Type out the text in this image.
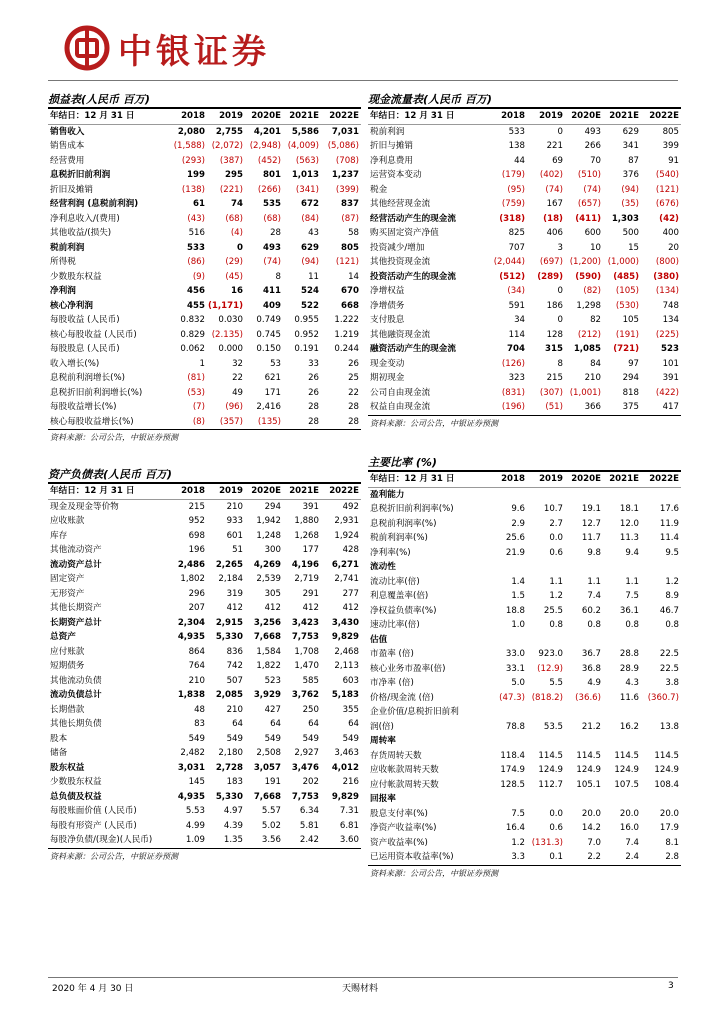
中银证券
损益表(人民币 百万)
年结日：12 月 31 日	2018	2019	2020E	2021E	2022E

销售收入	2,080	2,755	4,201	5,586	7,031
销售成本	(1,588)	(2,072)	(2,948)	(4,009)	(5,086)
经营费用	(293)	(387)	(452)	(563)	(708)
息税折旧前利润	199	295	801	1,013	1,237
折旧及摊销	(138)	(221)	(266)	(341)	(399)
经营利润 (息税前利润)	61	74	535	672	837
净利息收入/(费用)	(43)	(68)	(68)	(84)	(87)
其他收益/(损失)	516	(4)	28	43	58
税前利润	533	0	493	629	805
所得税	(86)	(29)	(74)	(94)	(121)
少数股东权益	(9)	(45)	8	11	14
净利润	456	16	411	524	670
核心净利润	455	(1,171)	409	522	668
每股收益 (人民币)	0.832	0.030	0.749	0.955	1.222
核心每股收益 (人民币)	0.829	(2.135)	0.745	0.952	1.219
每股股息 (人民币)	0.062	0.000	0.150	0.191	0.244
收入增长(%)	1	32	53	33	26
息税前利润增长(%)	(81)	22	621	26	25
息税折旧前利润增长(%)	(53)	49	171	26	22
每股收益增长(%)	(7)	(96)	2,416	28	28
核心每股收益增长(%)	(8)	(357)	(135)	28	28
资料来源：公司公告，中银证券预测
现金流量表(人民币 百万)
年结日：12 月 31 日	2018	2019	2020E	2021E	2022E

税前利润	533	0	493	629	805
折旧与摊销	138	221	266	341	399
净利息费用	44	69	70	87	91
运营资本变动	(179)	(402)	(510)	376	(540)
税金	(95)	(74)	(74)	(94)	(121)
其他经营现金流	(759)	167	(657)	(35)	(676)
经营活动产生的现金流	(318)	(18)	(411)	1,303	(42)
购买固定资产净值	825	406	600	500	400
投资减少/增加	707	3	10	15	20
其他投资现金流	(2,044)	(697)	(1,200)	(1,000)	(800)
投资活动产生的现金流	(512)	(289)	(590)	(485)	(380)
净增权益	(34)	0	(82)	(105)	(134)
净增债务	591	186	1,298	(530)	748
支付股息	34	0	82	105	134
其他融资现金流	114	128	(212)	(191)	(225)
融资活动产生的现金流	704	315	1,085	(721)	523
现金变动	(126)	8	84	97	101
期初现金	323	215	210	294	391
公司自由现金流	(831)	(307)	(1,001)	818	(422)
权益自由现金流	(196)	(51)	366	375	417
资料来源：公司公告，中银证券预测
资产负债表(人民币 百万)
年结日：12 月 31 日	2018	2019	2020E	2021E	2022E

现金及现金等价物	215	210	294	391	492
应收账款	952	933	1,942	1,880	2,931
库存	698	601	1,248	1,268	1,924
其他流动资产	196	51	300	177	428
流动资产总计	2,486	2,265	4,269	4,196	6,271
固定资产	1,802	2,184	2,539	2,719	2,741
无形资产	296	319	305	291	277
其他长期资产	207	412	412	412	412
长期资产总计	2,304	2,915	3,256	3,423	3,430
总资产	4,935	5,330	7,668	7,753	9,829
应付账款	864	836	1,584	1,708	2,468
短期债务	764	742	1,822	1,470	2,113
其他流动负债	210	507	523	585	603
流动负债总计	1,838	2,085	3,929	3,762	5,183
长期借款	48	210	427	250	355
其他长期负债	83	64	64	64	64
股本	549	549	549	549	549
储备	2,482	2,180	2,508	2,927	3,463
股东权益	3,031	2,728	3,057	3,476	4,012
少数股东权益	145	183	191	202	216
总负债及权益	4,935	5,330	7,668	7,753	9,829
每股账面价值 (人民币)	5.53	4.97	5.57	6.34	7.31
每股有形资产 (人民币)	4.99	4.39	5.02	5.81	6.81
每股净负债/(现金)(人民币)	1.09	1.35	3.56	2.42	3.60
资料来源：公司公告，中银证券预测
主要比率 (%)
年结日：12 月 31 日	2018	2019	2020E	2021E	2022E

盈利能力					
息税折旧前利润率(%)	9.6	10.7	19.1	18.1	17.6
息税前利润率(%)	2.9	2.7	12.7	12.0	11.9
税前利润率(%)	25.6	0.0	11.7	11.3	11.4
净利率(%)	21.9	0.6	9.8	9.4	9.5
流动性					
流动比率(倍)	1.4	1.1	1.1	1.1	1.2
利息覆盖率(倍)	1.5	1.2	7.4	7.5	8.9
净权益负债率(%)	18.8	25.5	60.2	36.1	46.7
速动比率(倍)	1.0	0.8	0.8	0.8	0.8
估值					
市盈率 (倍)	33.0	923.0	36.7	28.8	22.5
核心业务市盈率(倍)	33.1	(12.9)	36.8	28.9	22.5
市净率 (倍)	5.0	5.5	4.9	4.3	3.8
价格/现金流 (倍)	(47.3)	(818.2)	(36.6)	11.6	(360.7)
企业价值/息税折旧前利					
润(倍)	78.8	53.5	21.2	16.2	13.8
周转率					
存货周转天数	118.4	114.5	114.5	114.5	114.5
应收帐款周转天数	174.9	124.9	124.9	124.9	124.9
应付帐款周转天数	128.5	112.7	105.1	107.5	108.4
回报率					
股息支付率(%)	7.5	0.0	20.0	20.0	20.0
净资产收益率(%)	16.4	0.6	14.2	16.0	17.9
资产收益率(%)	1.2	(131.3)	7.0	7.4	8.1
已运用资本收益率(%)	3.3	0.1	2.2	2.4	2.8
资料来源：公司公告，中银证券预测
2020 年 4 月 30 日	天赐材料	3
